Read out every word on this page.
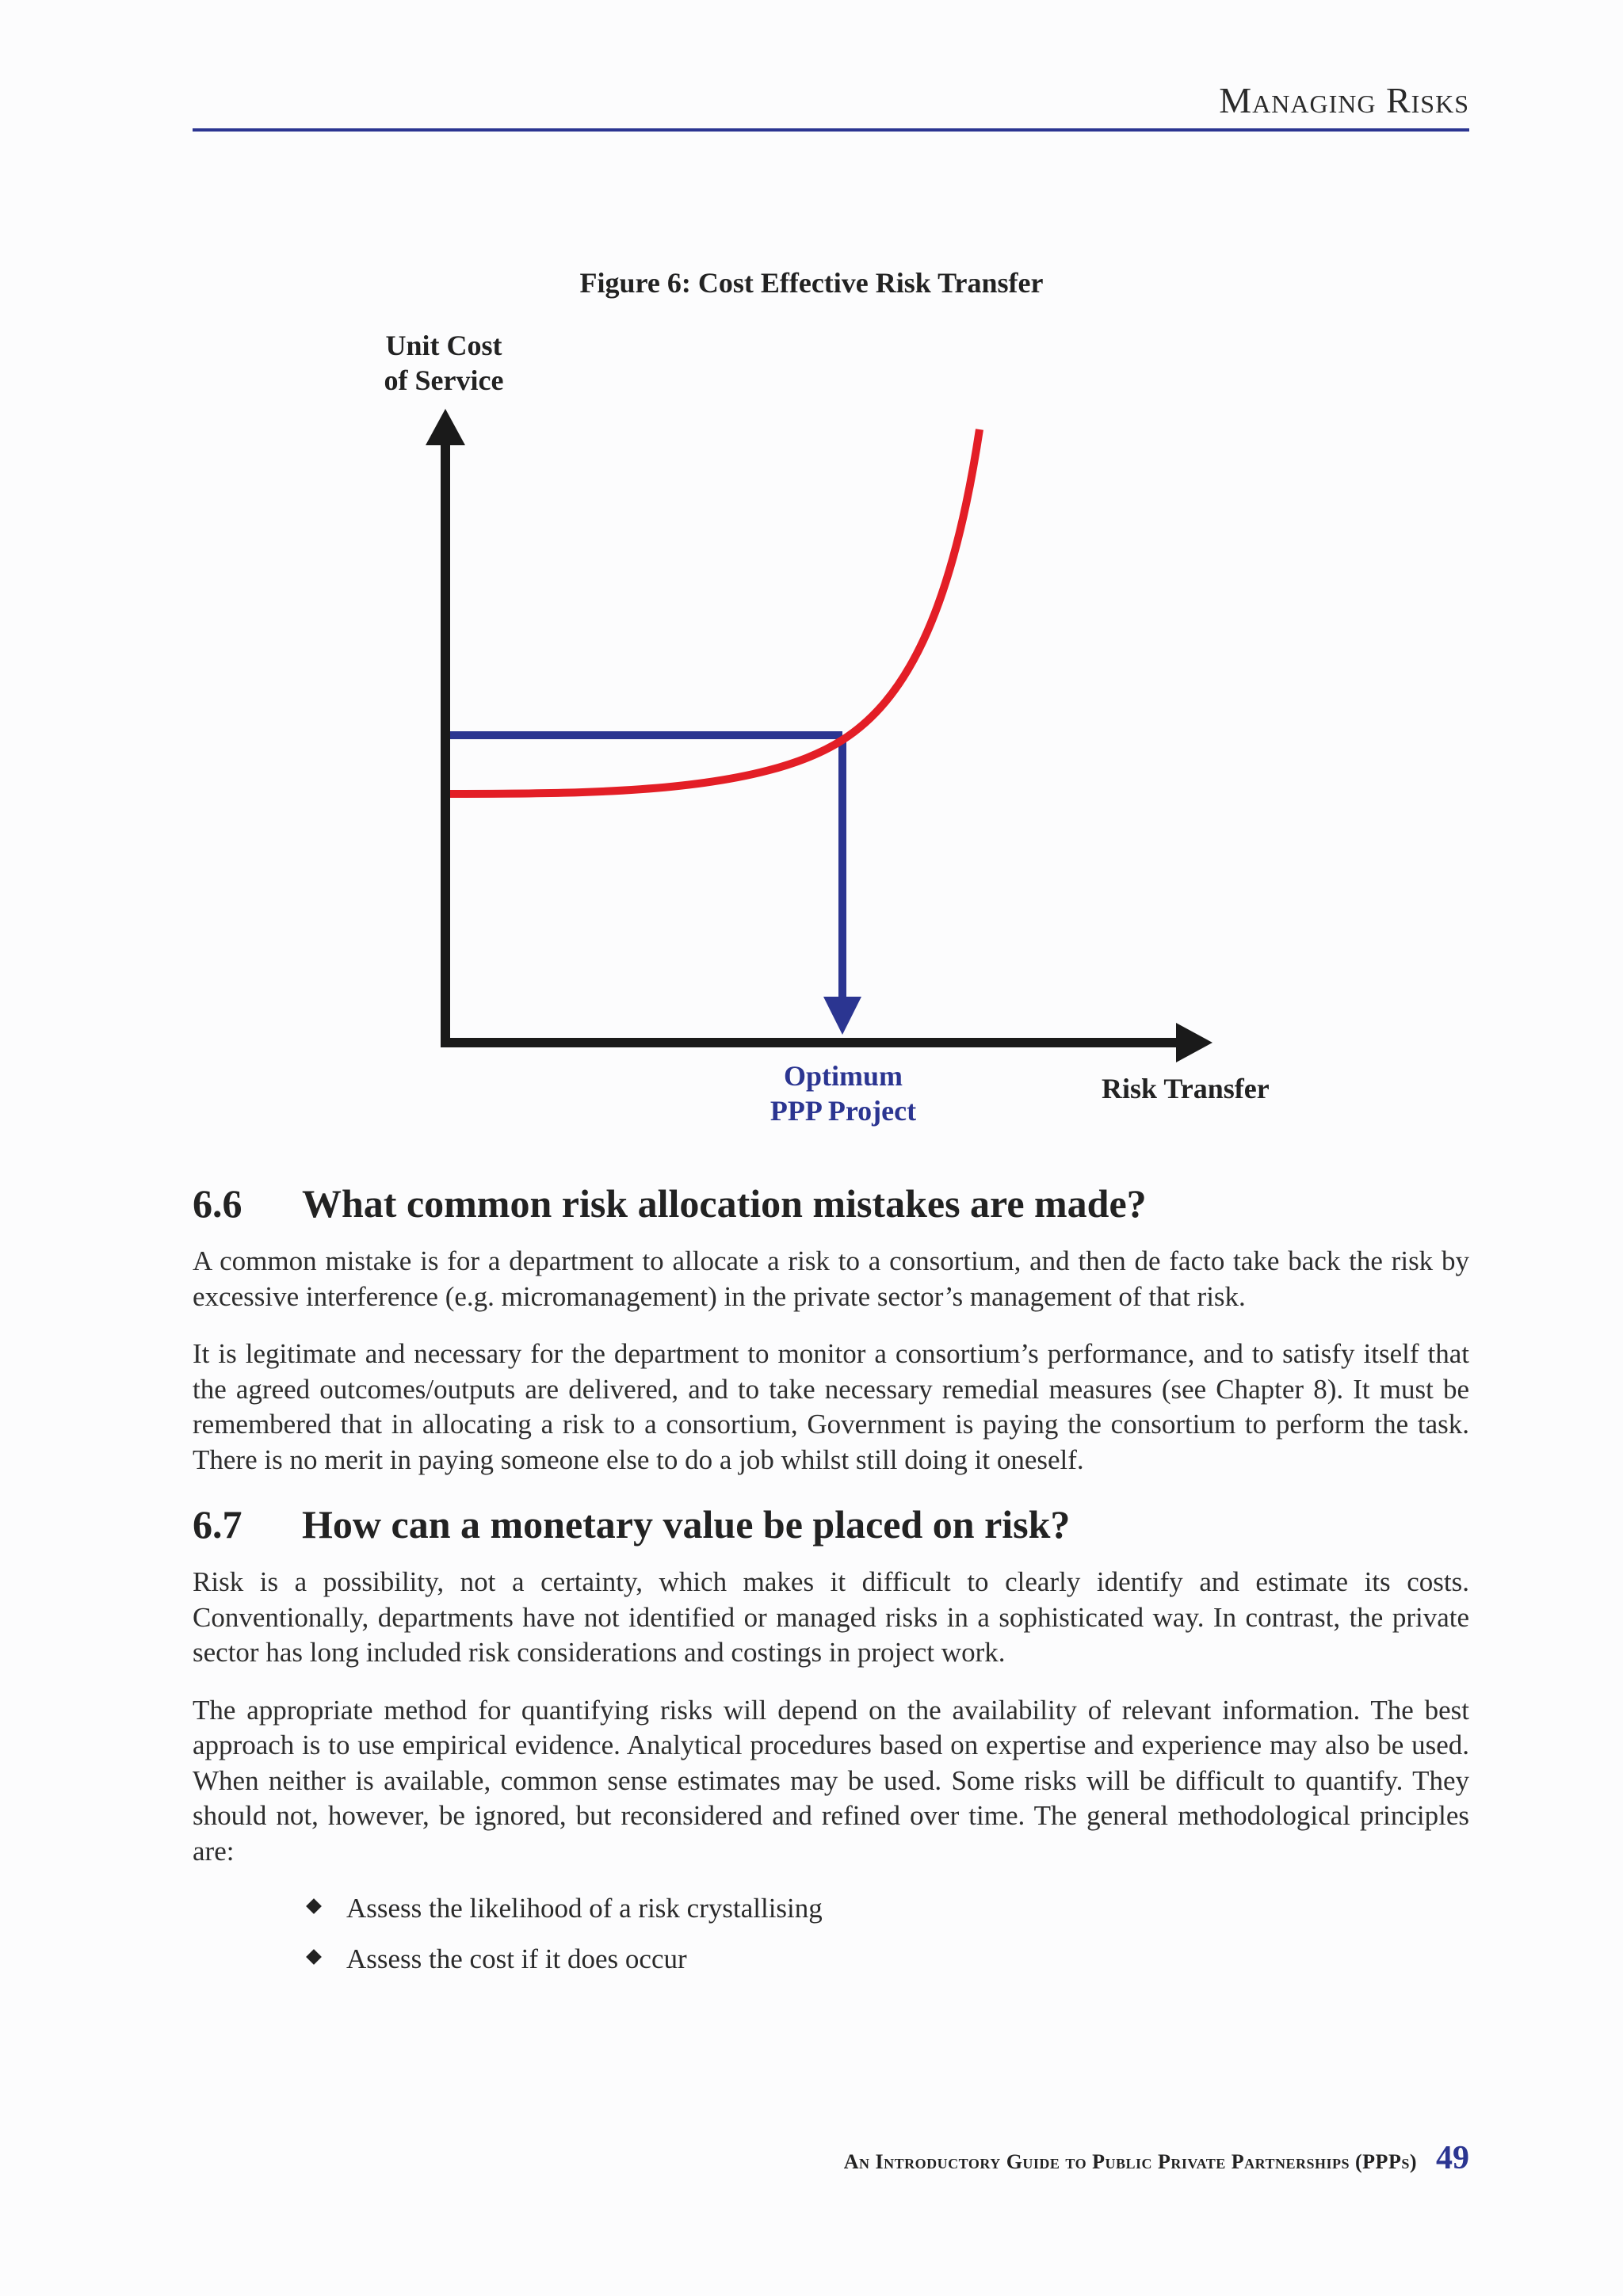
Managing Risks
Figure 6: Cost Effective Risk Transfer
Unit Cost
of Service
Optimum
PPP Project
Risk Transfer
6.6	What common risk allocation mistakes are made?

A common mistake is for a department to allocate a risk to a consortium, and then de facto take back the risk by excessive interference (e.g. micromanagement) in the private sector’s management of that risk.

It is legitimate and necessary for the department to monitor a consortium’s performance, and to satisfy itself that the agreed outcomes/outputs are delivered, and to take necessary remedial measures (see Chapter 8). It must be remembered that in allocating a risk to a consortium, Government is paying the consortium to perform the task. There is no merit in paying someone else to do a job whilst still doing it oneself.

6.7	How can a monetary value be placed on risk?

Risk is a possibility, not a certainty, which makes it difficult to clearly identify and estimate its costs. Conventionally, departments have not identified or managed risks in a sophisticated way. In contrast, the private sector has long included risk considerations and costings in project work.

The appropriate method for quantifying risks will depend on the availability of relevant information. The best approach is to use empirical evidence. Analytical procedures based on expertise and experience may also be used. When neither is available, common sense estimates may be used. Some risks will be difficult to quantify. They should not, however, be ignored, but reconsidered and refined over time. The general methodological principles are:

Assess the likelihood of a risk crystallising
Assess the cost if it does occur
An Introductory Guide to Public Private Partnerships (PPPs) 49
